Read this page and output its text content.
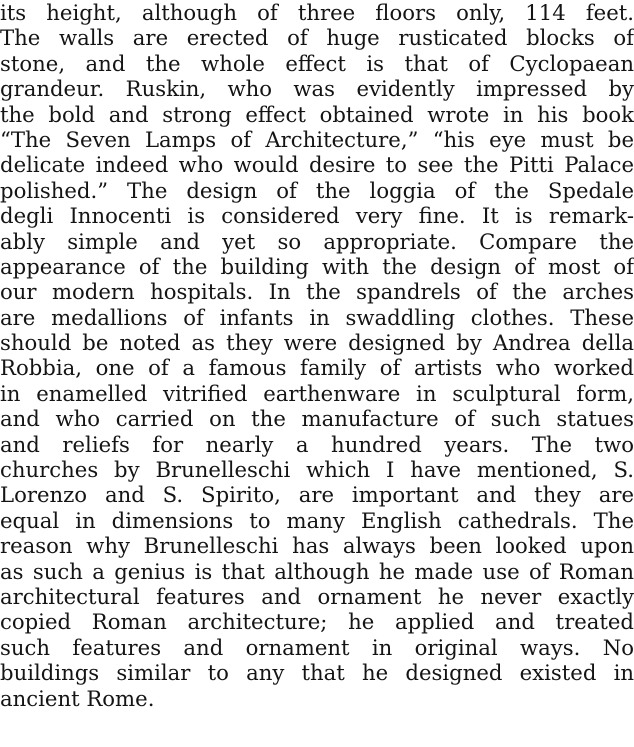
its height, although of three floors only, 114 feet.
The walls are erected of huge rusticated blocks of
stone, and the whole effect is that of Cyclopaean
grandeur. Ruskin, who was evidently impressed by
the bold and strong effect obtained wrote in his book
“The Seven Lamps of Architecture,” “his eye must be
delicate indeed who would desire to see the Pitti Palace
polished.” The design of the loggia of the Spedale
degli Innocenti is considered very fine. It is remark-
ably simple and yet so appropriate. Compare the
appearance of the building with the design of most of
our modern hospitals. In the spandrels of the arches
are medallions of infants in swaddling clothes. These
should be noted as they were designed by Andrea della
Robbia, one of a famous family of artists who worked
in enamelled vitrified earthenware in sculptural form,
and who carried on the manufacture of such statues
and reliefs for nearly a hundred years. The two
churches by Brunelleschi which I have mentioned, S.
Lorenzo and S. Spirito, are important and they are
equal in dimensions to many English cathedrals. The
reason why Brunelleschi has always been looked upon
as such a genius is that although he made use of Roman
architectural features and ornament he never exactly
copied Roman architecture; he applied and treated
such features and ornament in original ways. No
buildings similar to any that he designed existed in
ancient Rome.
